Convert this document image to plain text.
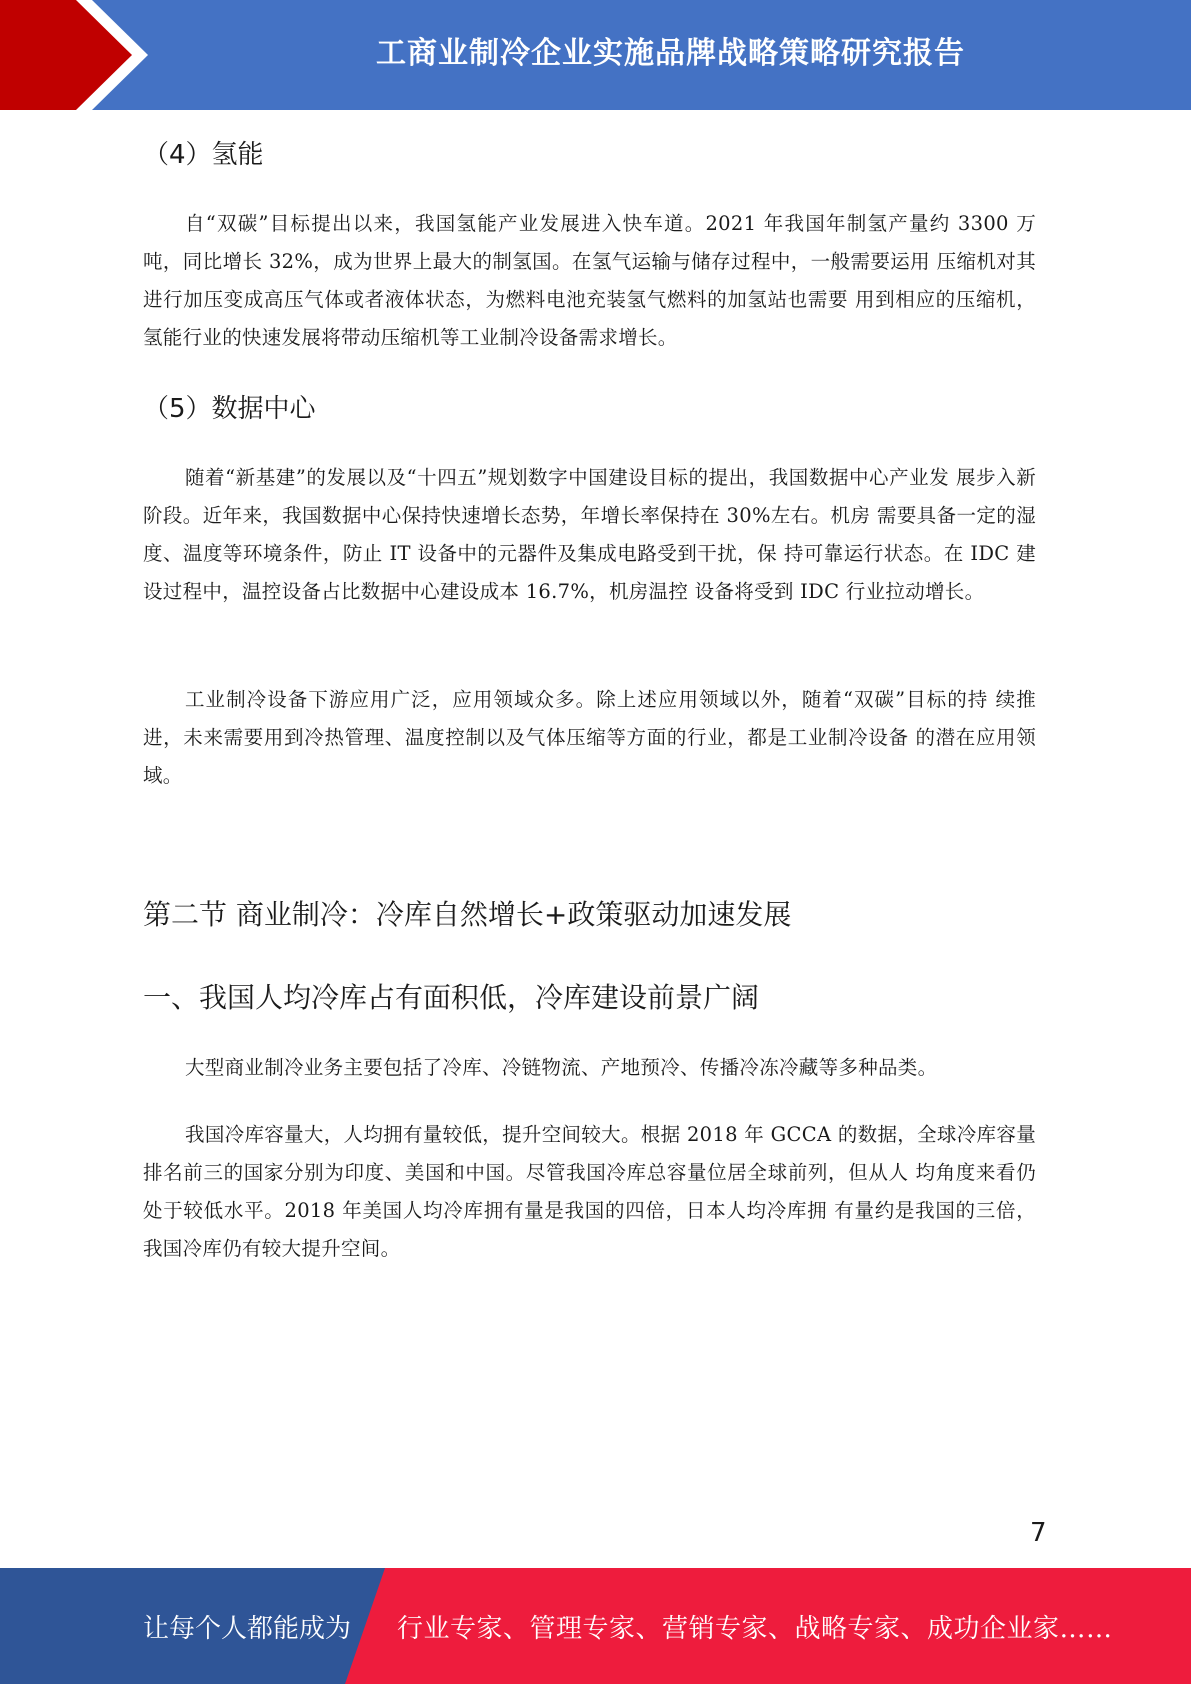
工商业制冷企业实施品牌战略策略研究报告
（4）氢能

自“双碳”目标提出以来，我国氢能产业发展进入快车道。2021 年我国年制氢产量约 3300 万吨，同比增长 32%，成为世界上最大的制氢国。在氢气运输与储存过程中，一般需要运用 压缩机对其进行加压变成高压气体或者液体状态，为燃料电池充装氢气燃料的加氢站也需要 用到相应的压缩机，氢能行业的快速发展将带动压缩机等工业制冷设备需求增长。

（5）数据中心

随着“新基建”的发展以及“十四五”规划数字中国建设目标的提出，我国数据中心产业发 展步入新阶段。近年来，我国数据中心保持快速增长态势，年增长率保持在 30%左右。机房 需要具备一定的湿度、温度等环境条件，防止 IT 设备中的元器件及集成电路受到干扰，保 持可靠运行状态。在 IDC 建设过程中，温控设备占比数据中心建设成本 16.7%，机房温控 设备将受到 IDC 行业拉动增长。

工业制冷设备下游应用广泛，应用领域众多。除上述应用领域以外，随着“双碳”目标的持 续推进，未来需要用到冷热管理、温度控制以及气体压缩等方面的行业，都是工业制冷设备 的潜在应用领域。

第二节 商业制冷：冷库自然增长+政策驱动加速发展
一、我国人均冷库占有面积低，冷库建设前景广阔

大型商业制冷业务主要包括了冷库、冷链物流、产地预冷、传播冷冻冷藏等多种品类。

我国冷库容量大，人均拥有量较低，提升空间较大。根据 2018 年 GCCA 的数据，全球冷库容量排名前三的国家分别为印度、美国和中国。尽管我国冷库总容量位居全球前列，但从人 均角度来看仍处于较低水平。2018 年美国人均冷库拥有量是我国的四倍，日本人均冷库拥 有量约是我国的三倍，我国冷库仍有较大提升空间。

7
让每个人都能成为 行业专家、管理专家、营销专家、战略专家、成功企业家……
